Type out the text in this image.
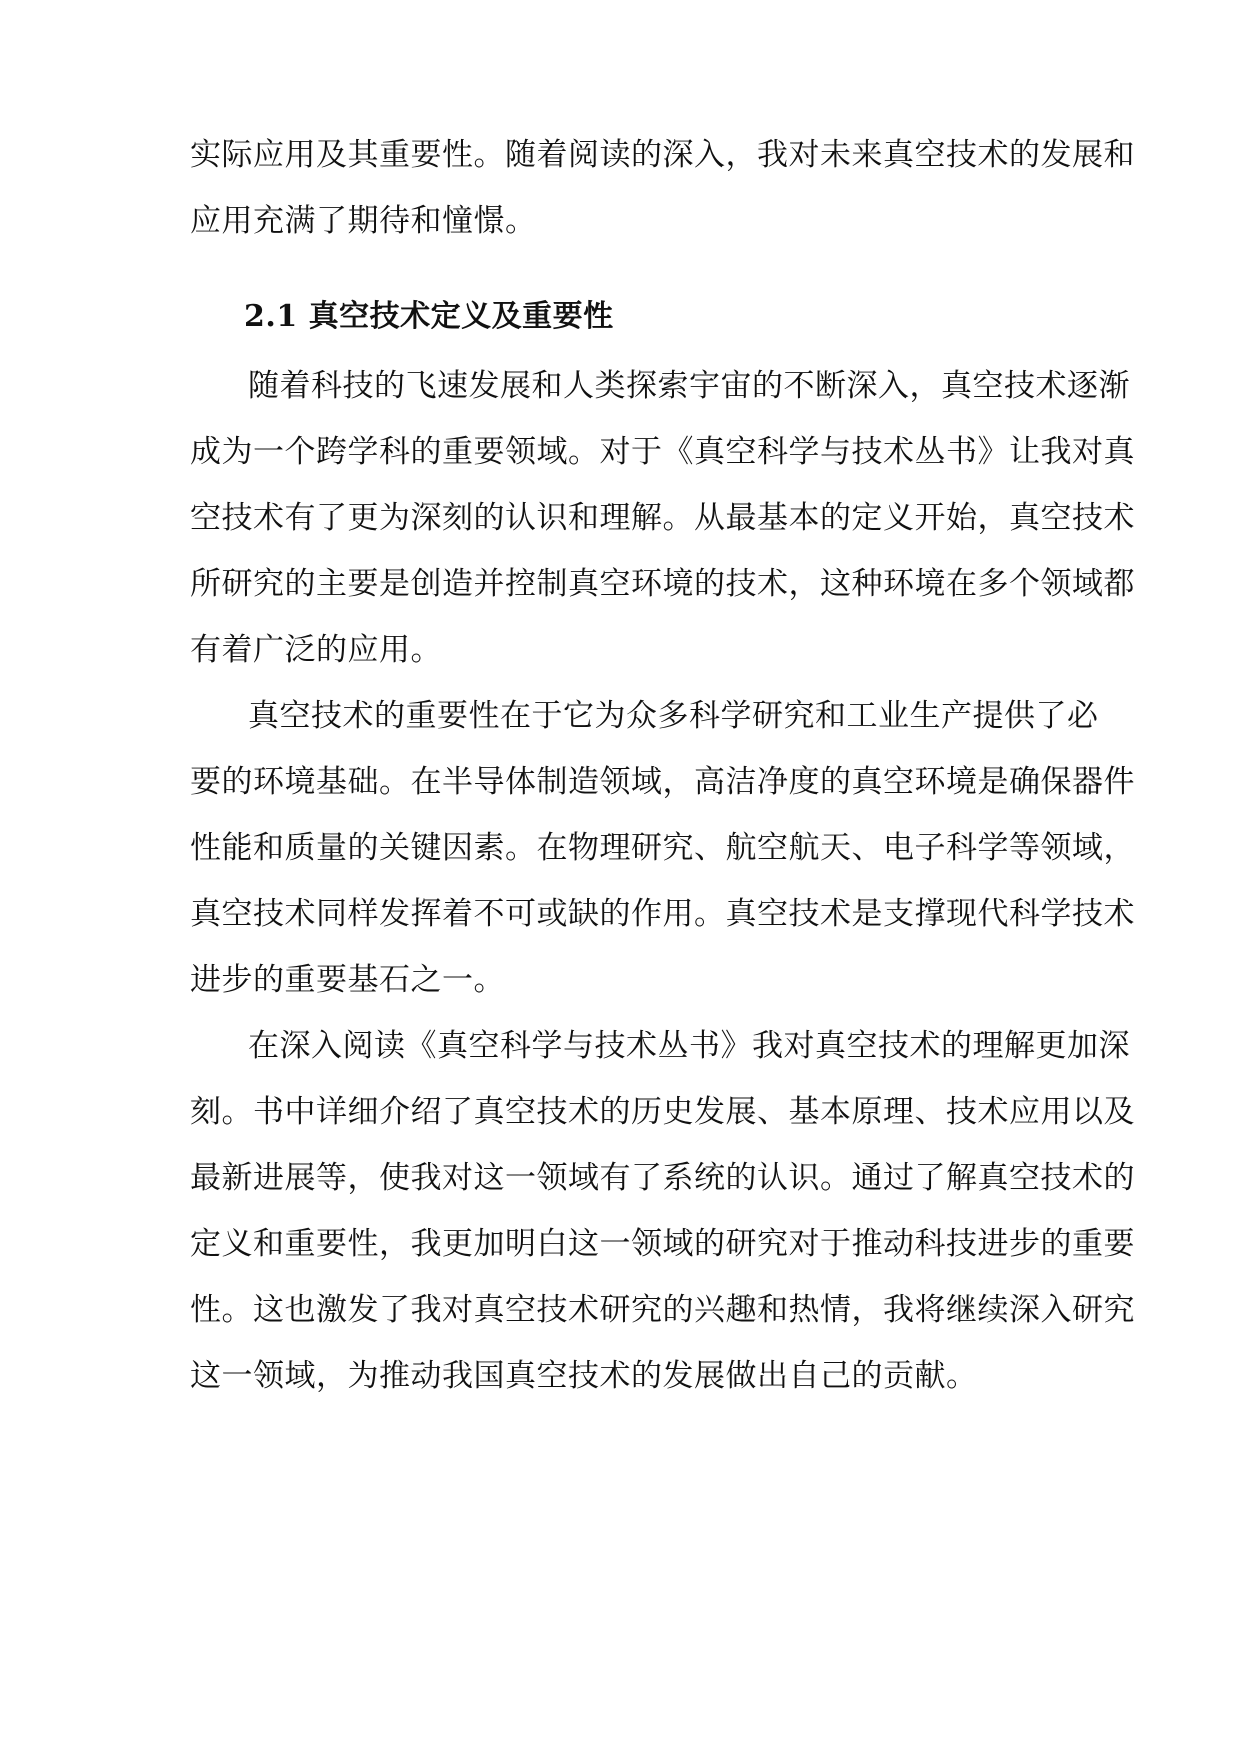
实际应用及其重要性。随着阅读的深入，我对未来真空技术的发展和
应用充满了期待和憧憬。
2.1 真空技术定义及重要性
随着科技的飞速发展和人类探索宇宙的不断深入，真空技术逐渐
成为一个跨学科的重要领域。对于《真空科学与技术丛书》让我对真
空技术有了更为深刻的认识和理解。从最基本的定义开始，真空技术
所研究的主要是创造并控制真空环境的技术，这种环境在多个领域都
有着广泛的应用。
真空技术的重要性在于它为众多科学研究和工业生产提供了必
要的环境基础。在半导体制造领域，高洁净度的真空环境是确保器件
性能和质量的关键因素。在物理研究、航空航天、电子科学等领域，
真空技术同样发挥着不可或缺的作用。真空技术是支撑现代科学技术
进步的重要基石之一。
在深入阅读《真空科学与技术丛书》我对真空技术的理解更加深
刻。书中详细介绍了真空技术的历史发展、基本原理、技术应用以及
最新进展等，使我对这一领域有了系统的认识。通过了解真空技术的
定义和重要性，我更加明白这一领域的研究对于推动科技进步的重要
性。这也激发了我对真空技术研究的兴趣和热情，我将继续深入研究
这一领域，为推动我国真空技术的发展做出自己的贡献。
